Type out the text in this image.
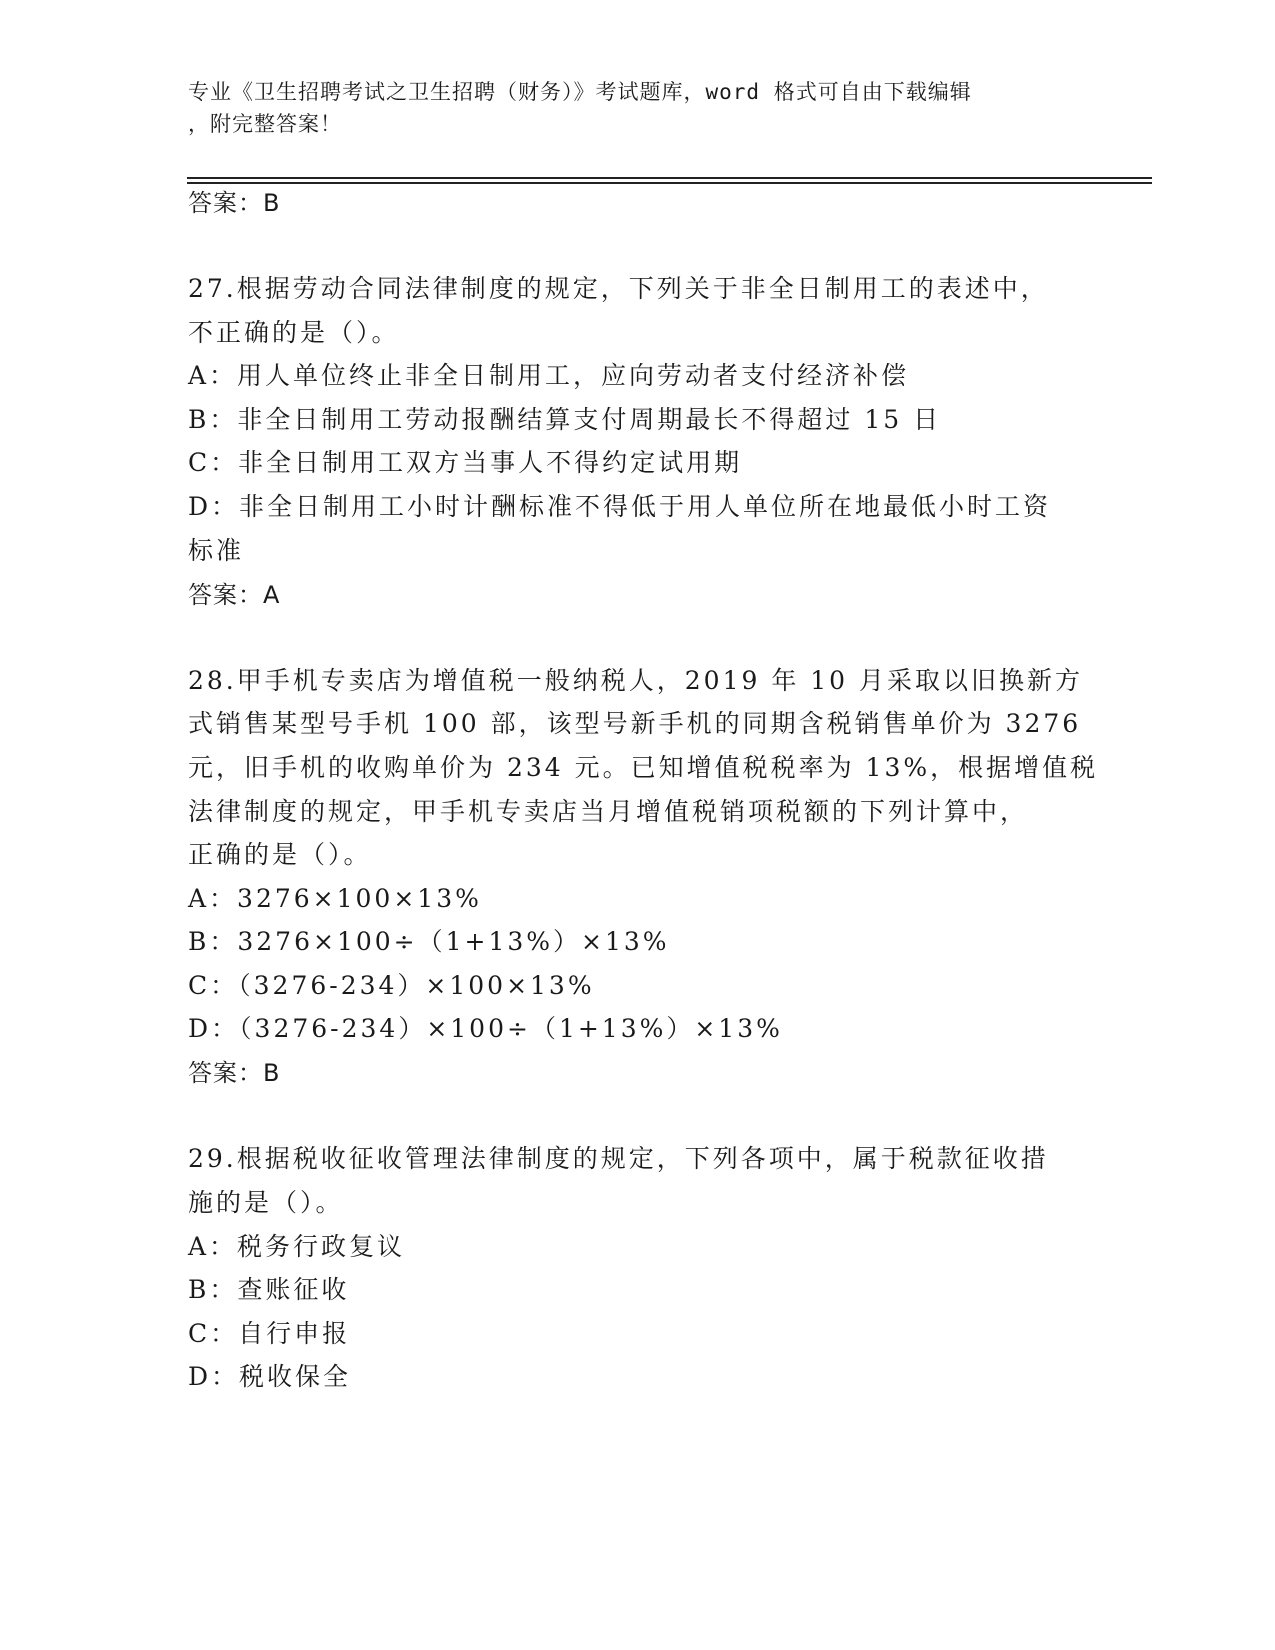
专业《卫生招聘考试之卫生招聘（财务）》考试题库，word 格式可自由下载编辑
，附完整答案！
答案：B
27.根据劳动合同法律制度的规定，下列关于非全日制用工的表述中，
不正确的是（）。
A：用人单位终止非全日制用工，应向劳动者支付经济补偿
B：非全日制用工劳动报酬结算支付周期最长不得超过 15 日
C：非全日制用工双方当事人不得约定试用期
D：非全日制用工小时计酬标准不得低于用人单位所在地最低小时工资
标准
答案：A
28.甲手机专卖店为增值税一般纳税人，2019 年 10 月采取以旧换新方
式销售某型号手机 100 部，该型号新手机的同期含税销售单价为 3276
元，旧手机的收购单价为 234 元。已知增值税税率为 13%，根据增值税
法律制度的规定，甲手机专卖店当月增值税销项税额的下列计算中，
正确的是（）。
A：3276×100×13%
B：3276×100÷（1+13%）×13%
C：（3276-234）×100×13%
D：（3276-234）×100÷（1+13%）×13%
答案：B
29.根据税收征收管理法律制度的规定，下列各项中，属于税款征收措
施的是（）。
A：税务行政复议
B：查账征收
C：自行申报
D：税收保全
